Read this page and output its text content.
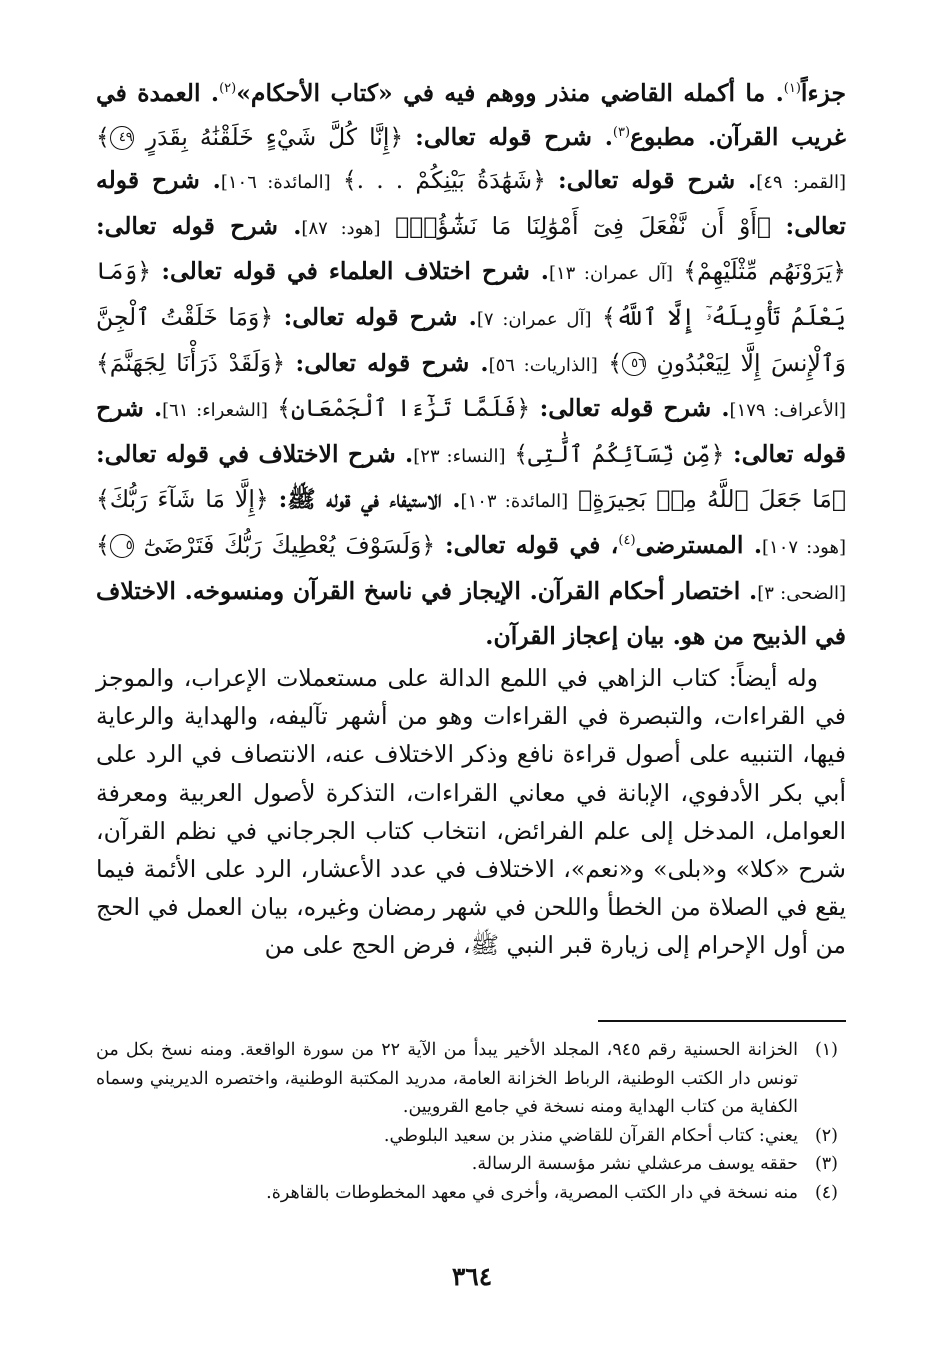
جزءاً$^{(١)}$. ما أكمله القاضي منذر ووهم فيه في «كتاب الأحكام»$^{(٢)}$. العمدة في غريب القرآن. مطبوع$^{(٣)}$. شرح قوله تعالى: ﴿إِنَّا كُلَّ شَيْءٍ خَلَقْنَٰهُ بِقَدَرٍ ٤٩﴾ [القمر: ٤٩]. شرح قوله تعالى: ﴿شَهَٰدَةُ بَيْنِكُمْ . . .﴾ [المائدة: ١٠٦]. شرح قوله تعالى: ﴿أَوْ أَن نَّفْعَلَ فِىٓ أَمْوَٰلِنَا مَا نَشَٰٓؤُا۟﴾ [هود: ٨٧]. شرح قوله تعالى: ﴿يَرَوْنَهُم مِّثْلَيْهِمْ﴾ [آل عمران: ١٣]. شرح اختلاف العلماء في قوله تعالى: ﴿وَمَا يَعْلَمُ تَأْوِيلَهُۥٓ إِلَّا ٱللَّهُ﴾ [آل عمران: ٧]. شرح قوله تعالى: ﴿وَمَا خَلَقْتُ ٱلْجِنَّ وَٱلْإِنسَ إِلَّا لِيَعْبُدُونِ ٥٦﴾ [الذاريات: ٥٦]. شرح قوله تعالى: ﴿وَلَقَدْ ذَرَأْنَا لِجَهَنَّمَ﴾ [الأعراف: ١٧٩]. شرح قوله تعالى: ﴿فَلَمَّا تَرَٰٓءَا ٱلْجَمْعَانِ﴾ [الشعراء: ٦١]. شرح قوله تعالى: ﴿مِّن نِّسَآئِكُمُ ٱلَّٰتِى﴾ [النساء: ٢٣]. شرح الاختلاف في قوله تعالى: ﴿مَا جَعَلَ ٱللَّهُ مِنۢ بَحِيرَةٍ﴾ [المائدة: ١٠٣]. الاستيفاء في قوله ﷺ: ﴿إِلَّا مَا شَآءَ رَبُّكَ﴾ [هود: ١٠٧]. المسترضى$^{(٤)}$، في قوله تعالى: ﴿وَلَسَوْفَ يُعْطِيكَ رَبُّكَ فَتَرْضَىٰٓ ٥﴾ [الضحى: ٣]. اختصار أحكام القرآن. الإيجاز في ناسخ القرآن ومنسوخه. الاختلاف في الذبيح من هو. بيان إعجاز القرآن.

وله أيضاً: كتاب الزاهي في اللمع الدالة على مستعملات الإعراب، والموجز في القراءات، والتبصرة في القراءات وهو من أشهر تآليفه، والهداية والرعاية فيها، التنبيه على أصول قراءة نافع وذكر الاختلاف عنه، الانتصاف في الرد على أبي بكر الأدفوي، الإبانة في معاني القراءات، التذكرة لأصول العربية ومعرفة العوامل، المدخل إلى علم الفرائض، انتخاب كتاب الجرجاني في نظم القرآن، شرح «كلا» و«بلى» و«نعم»، الاختلاف في عدد الأعشار، الرد على الأئمة فيما يقع في الصلاة من الخطأ واللحن في شهر رمضان وغيره، بيان العمل في الحج من أول الإحرام إلى زيارة قبر النبي ﷺ، فرض الحج على من

(١)
الخزانة الحسنية رقم ٩٤٥، المجلد الأخير يبدأ من الآية ٢٢ من سورة الواقعة. ومنه نسخ بكل من تونس دار الكتب الوطنية، الرباط الخزانة العامة، مدريد المكتبة الوطنية، واختصره الديريني وسماه الكفاية من كتاب الهداية ومنه نسخة في جامع القرويين.
(٢)
يعني: كتاب أحكام القرآن للقاضي منذر بن سعيد البلوطي.
(٣)
حققه يوسف مرعشلي نشر مؤسسة الرسالة.
(٤)
منه نسخة في دار الكتب المصرية، وأخرى في معهد المخطوطات بالقاهرة.
٣٦٤
